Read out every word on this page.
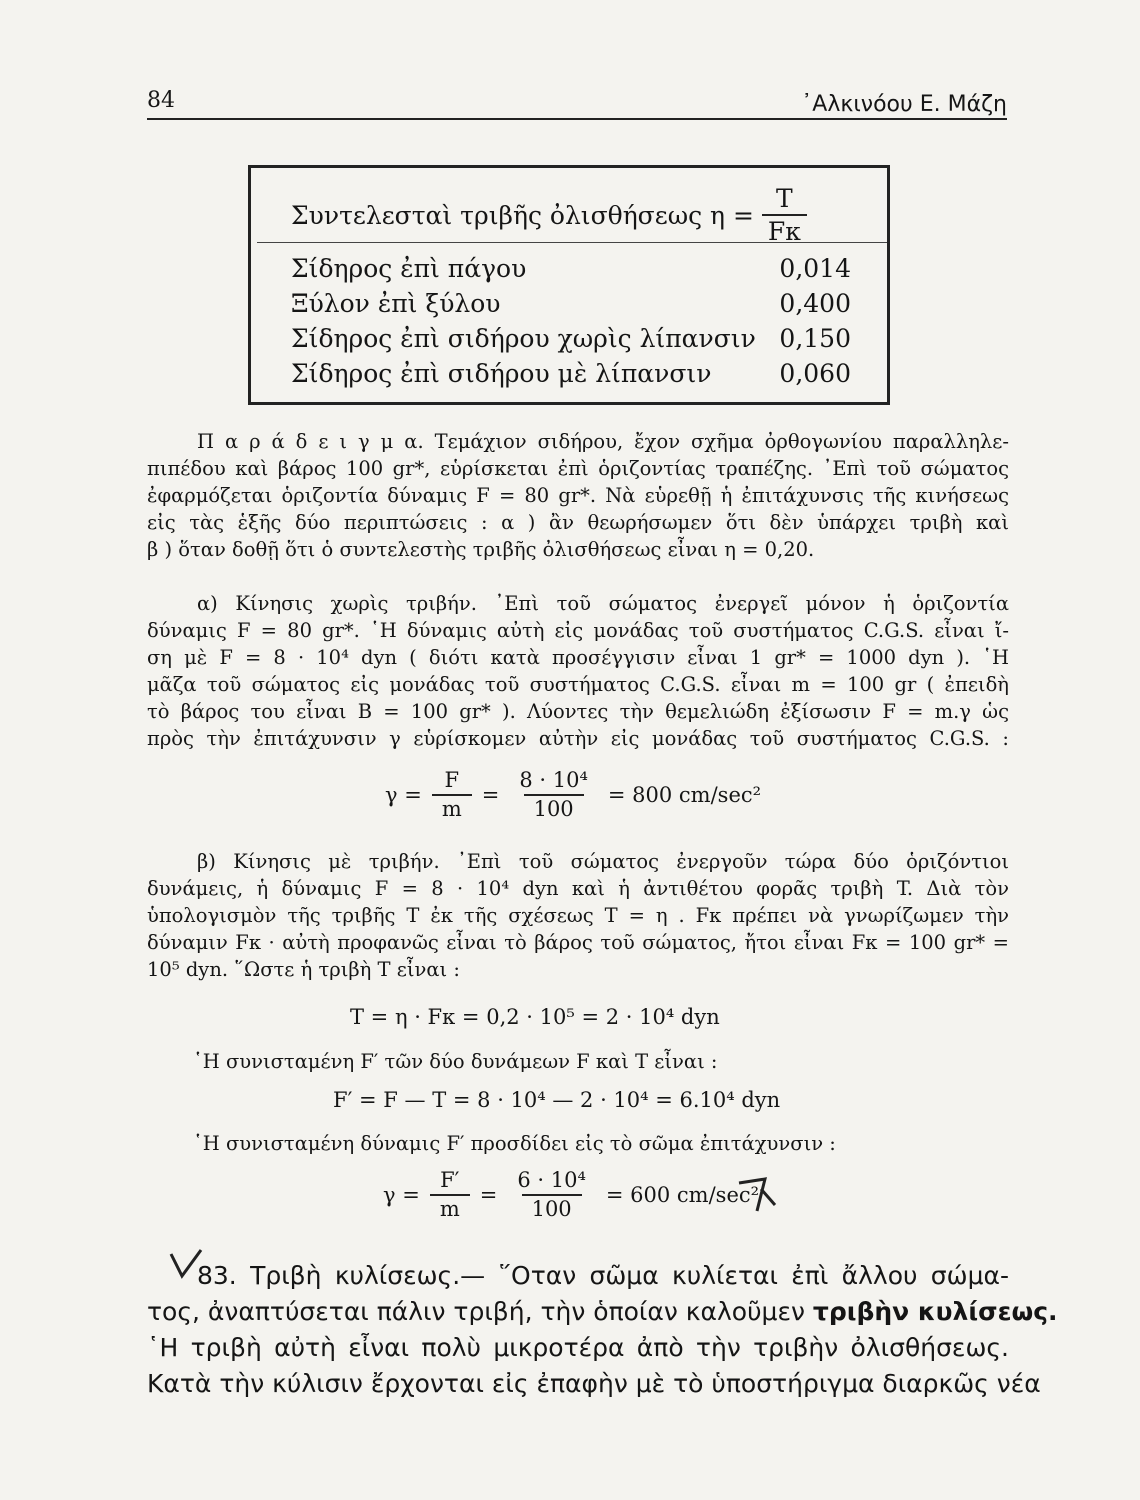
84	᾽Αλκινόου Ε. Μάζη
Συντελεσταὶ τριβῆς ὀλισθήσεως $\eta = \frac{T}{F\kappa}$
Σίδηρος ἐπὶ πάγου	0,014
Ξύλον ἐπὶ ξύλου	0,400
Σίδηρος ἐπὶ σιδήρου χωρὶς λίπανσιν 0,150
Σίδηρος ἐπὶ σιδήρου μὲ λίπανσιν	0,060
Π α ρ ά δ ε ι γ μ α. Τεμάχιον σιδήρου, ἔχον σχῆμα ὀρθογωνίου παραλληλε-
πιπέδου καὶ βάρος 100 gr*, εὑρίσκεται ἐπὶ ὁριζοντίας τραπέζης. ᾽Επὶ τοῦ σώματος
ἐφαρμόζεται ὁριζοντία δύναμις F = 80 gr*. Νὰ εὑρεθῇ ἡ ἐπιτάχυνσις τῆς κινήσεως
εἰς τὰς ἑξῆς δύο περιπτώσεις : α ) ἂν θεωρήσωμεν ὅτι δὲν ὑπάρχει τριβὴ καὶ
β ) ὅταν δοθῇ ὅτι ὁ συντελεστὴς τριβῆς ὀλισθήσεως εἶναι η = 0,20.
α) Κίνησις χωρὶς τριβήν. ᾽Επὶ τοῦ σώματος ἐνεργεῖ μόνον ἡ ὁριζοντία
δύναμις F = 80 gr*. ῾Η δύναμις αὐτὴ εἰς μονάδας τοῦ συστήματος C.G.S. εἶναι ἴ-
ση μὲ F = 8 · 10⁴ dyn ( διότι κατὰ προσέγγισιν εἶναι 1 gr* = 1000 dyn ). ῾Η
μᾶζα τοῦ σώματος εἰς μονάδας τοῦ συστήματος C.G.S. εἶναι m = 100 gr ( ἐπειδὴ
τὸ βάρος του εἶναι B = 100 gr* ). Λύοντες τὴν θεμελιώδη ἐξίσωσιν F = m.γ ὡς
πρὸς τὴν ἐπιτάχυνσιν γ εὑρίσκομεν αὐτὴν εἰς μονάδας τοῦ συστήματος C.G.S. :
$\gamma = \frac{F}{m} = \frac{\text{8 · 10⁴}}{100} = 800$ cm/sec²
β) Κίνησις μὲ τριβήν. ᾽Επὶ τοῦ σώματος ἐνεργοῦν τώρα δύο ὁριζόντιοι
δυνάμεις, ἡ δύναμις F = 8 · 10⁴ dyn καὶ ἡ ἀντιθέτου φορᾶς τριβὴ T. Διὰ τὸν
ὑπολογισμὸν τῆς τριβῆς T ἐκ τῆς σχέσεως T = η . Fκ πρέπει νὰ γνωρίζωμεν τὴν
δύναμιν Fκ · αὐτὴ προφανῶς εἶναι τὸ βάρος τοῦ σώματος, ἤτοι εἶναι Fκ = 100 gr* =
10⁵ dyn. ῞Ωστε ἡ τριβὴ T εἶναι :
T = η · Fκ = 0,2 · 10⁵ = 2 · 10⁴ dyn
῾Η συνισταμένη F′ τῶν δύο δυνάμεων F καὶ T εἶναι :
F′ = F — T = 8 · 10⁴ — 2 · 10⁴ = 6.10⁴ dyn
῾Η συνισταμένη δύναμις F′ προσδίδει εἰς τὸ σῶμα ἐπιτάχυνσιν :
$\gamma = \frac{F'}{m} = \frac{\text{6 · 10⁴}}{100} = 600$ cm/sec²
83. Τριβὴ κυλίσεως.— ῞Οταν σῶμα κυλίεται ἐπὶ ἄλλου σώμα-
τος, ἀναπτύσεται πάλιν τριβή, τὴν ὁποίαν καλοῦμεν τριβὴν κυλίσεως.
῾Η τριβὴ αὐτὴ εἶναι πολὺ μικροτέρα ἀπὸ τὴν τριβὴν ὀλισθήσεως.
Κατὰ τὴν κύλισιν ἔρχονται εἰς ἐπαφὴν μὲ τὸ ὑποστήριγμα διαρκῶς νέα
